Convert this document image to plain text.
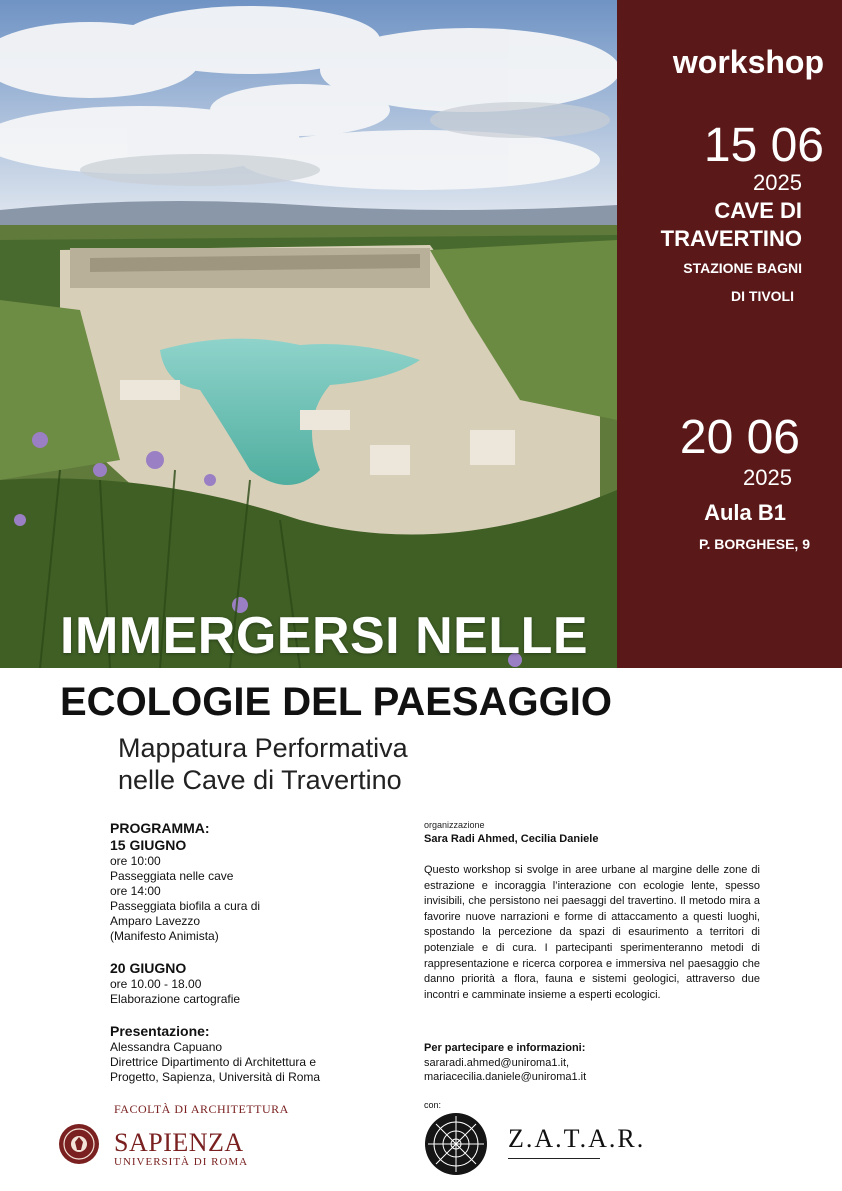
IMMERGERSI NELLE
workshop
15 06
2025
CAVE DI
TRAVERTINO
STAZIONE BAGNI
DI TIVOLI
20 06
2025
Aula B1
P. BORGHESE, 9
ECOLOGIE DEL PAESAGGIO
Mappatura Performativa
nelle Cave di Travertino
PROGRAMMA:
15 GIUGNO
ore 10:00
Passeggiata nelle cave
ore 14:00
Passeggiata biofila a cura di
Amparo Lavezzo
(Manifesto Animista)
20 GIUGNO
ore 10.00 - 18.00
Elaborazione cartografie
Presentazione:
Alessandra Capuano
Direttrice Dipartimento di Architettura e
Progetto, Sapienza, Università di Roma
organizzazione
Sara Radi Ahmed, Cecilia Daniele
Questo workshop si svolge in aree urbane al margine delle zone di estrazione e incoraggia l’interazione con ecologie lente, spesso invisibili, che persistono nei paesaggi del travertino. Il metodo mira a favorire nuove narrazioni e forme di attaccamento a questi luoghi, spostando la percezione da spazi di esaurimento a territori di potenziale e di cura. I partecipanti sperimenteranno metodi di rappresentazione e ricerca corporea e immersiva nel paesaggio che danno priorità a flora, fauna e sistemi geologici, attraverso due incontri e camminate insieme a esperti ecologici.
Per partecipare e informazioni:
sararadi.ahmed@uniroma1.it,
mariacecilia.daniele@uniroma1.it
FACOLTÀ DI ARCHITETTURA
SAPIENZA
UNIVERSITÀ DI ROMA
con:
Z.A.T.A.R.
